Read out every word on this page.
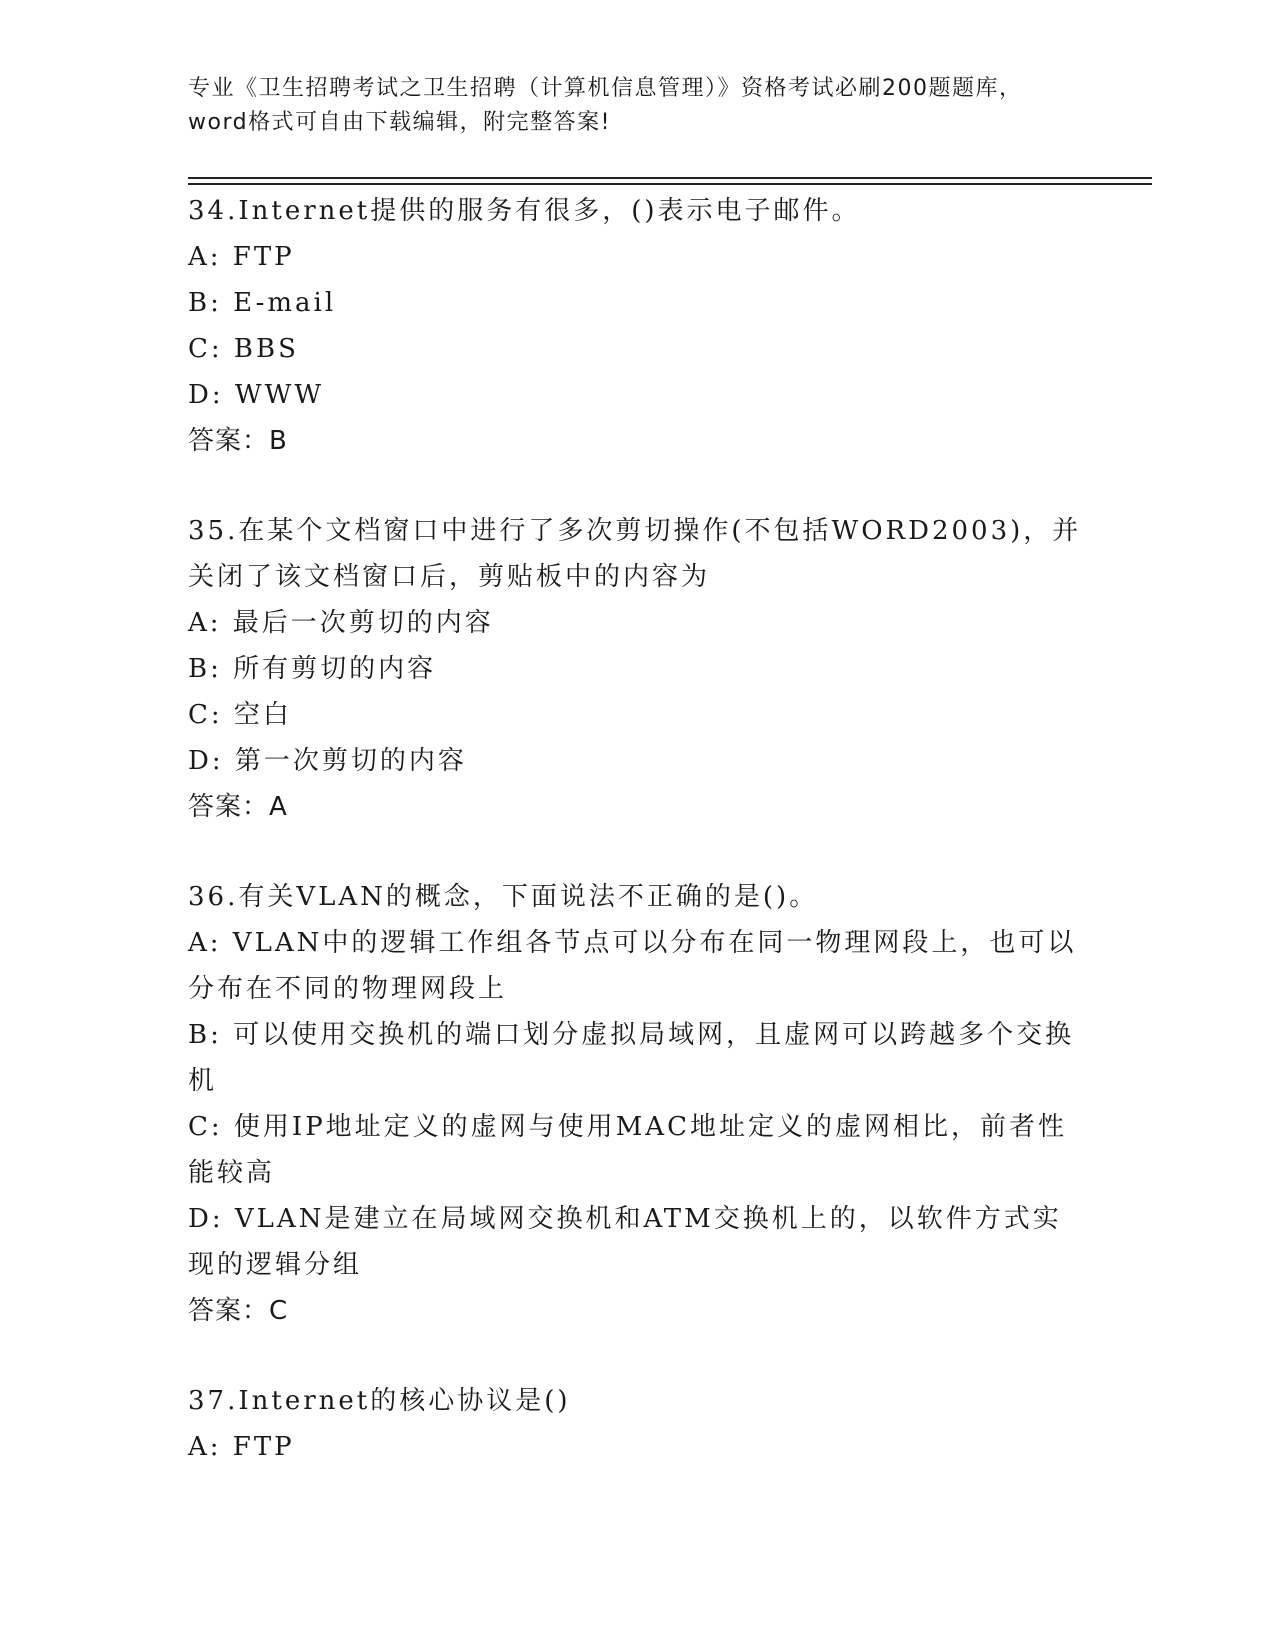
专业《卫生招聘考试之卫生招聘（计算机信息管理）》资格考试必刷200题题库，
word格式可自由下载编辑，附完整答案!

34.Internet提供的服务有很多，()表示电子邮件。

A: FTP

B: E-mail

C: BBS

D: WWW

答案：B

35.在某个文档窗口中进行了多次剪切操作(不包括WORD2003)，并关闭了该文档窗口后，剪贴板中的内容为

A: 最后一次剪切的内容

B: 所有剪切的内容

C: 空白

D: 第一次剪切的内容

答案：A

36.有关VLAN的概念，下面说法不正确的是()。

A: VLAN中的逻辑工作组各节点可以分布在同一物理网段上，也可以分布在不同的物理网段上

B: 可以使用交换机的端口划分虚拟局域网，且虚网可以跨越多个交换机

C: 使用IP地址定义的虚网与使用MAC地址定义的虚网相比，前者性能较高

D: VLAN是建立在局域网交换机和ATM交换机上的，以软件方式实现的逻辑分组

答案：C

37.Internet的核心协议是()

A: FTP
